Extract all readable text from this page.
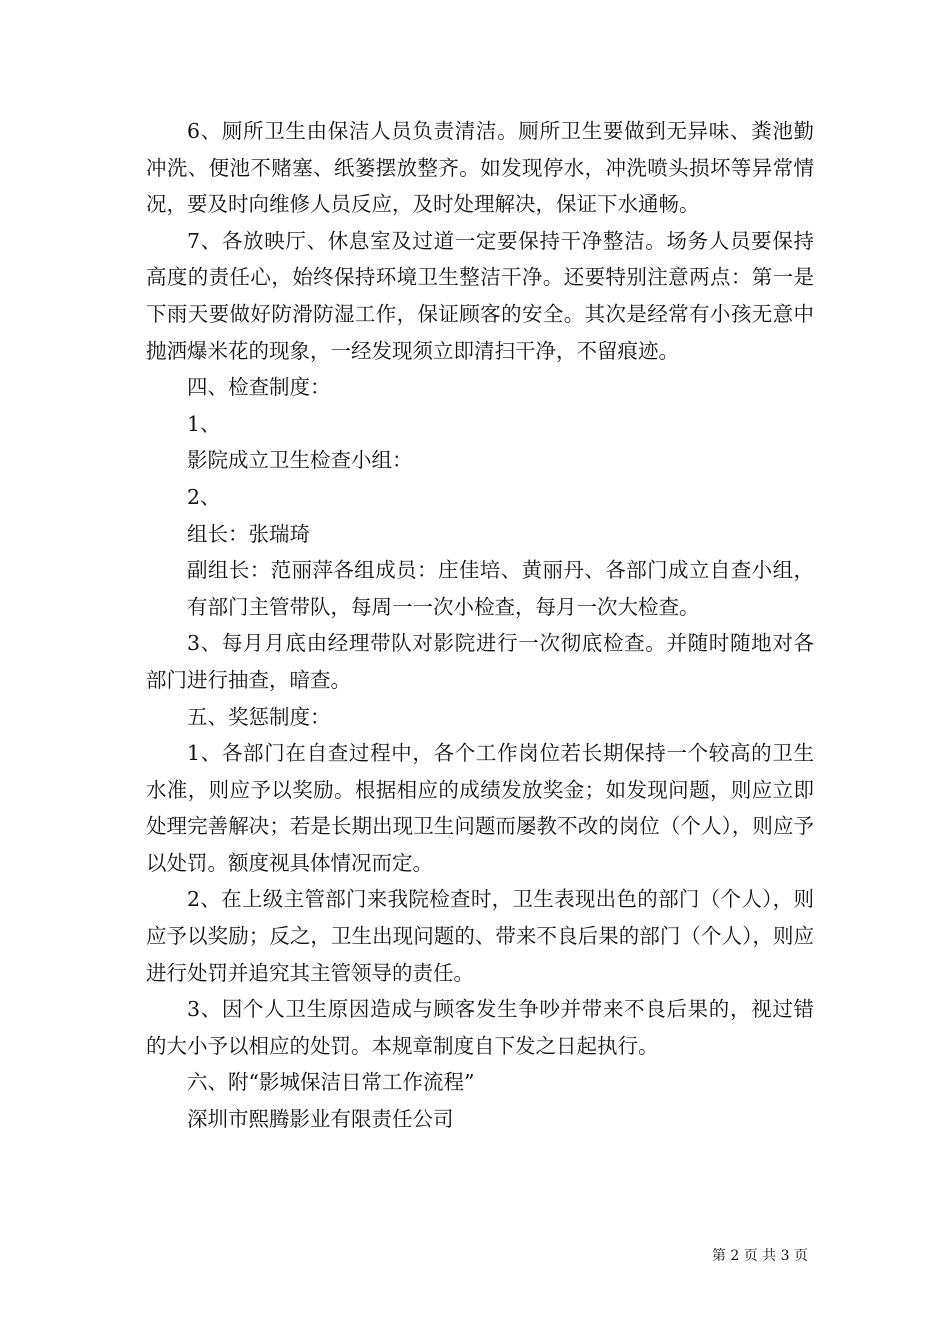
6、厕所卫生由保洁人员负责清洁。厕所卫生要做到无异味、粪池勤冲洗、便池不赌塞、纸篓摆放整齐。如发现停水，冲洗喷头损坏等异常情况，要及时向维修人员反应，及时处理解决，保证下水通畅。

7、各放映厅、休息室及过道一定要保持干净整洁。场务人员要保持高度的责任心，始终保持环境卫生整洁干净。还要特别注意两点：第一是下雨天要做好防滑防湿工作，保证顾客的安全。其次是经常有小孩无意中抛洒爆米花的现象，一经发现须立即清扫干净，不留痕迹。

四、检查制度：

1、

影院成立卫生检查小组：

2、

组长：张瑞琦

副组长：范丽萍各组成员：庄佳培、黄丽丹、各部门成立自查小组，有部门主管带队，每周一一次小检查，每月一次大检查。

3、每月月底由经理带队对影院进行一次彻底检查。并随时随地对各部门进行抽查，暗查。

五、奖惩制度：

1、各部门在自查过程中，各个工作岗位若长期保持一个较高的卫生水准，则应予以奖励。根据相应的成绩发放奖金；如发现问题，则应立即处理完善解决；若是长期出现卫生问题而屡教不改的岗位（个人），则应予以处罚。额度视具体情况而定。

2、在上级主管部门来我院检查时，卫生表现出色的部门（个人），则应予以奖励；反之，卫生出现问题的、带来不良后果的部门（个人），则应进行处罚并追究其主管领导的责任。

3、因个人卫生原因造成与顾客发生争吵并带来不良后果的，视过错的大小予以相应的处罚。本规章制度自下发之日起执行。

六、附“影城保洁日常工作流程”

深圳市熙腾影业有限责任公司

第 2 页 共 3 页
